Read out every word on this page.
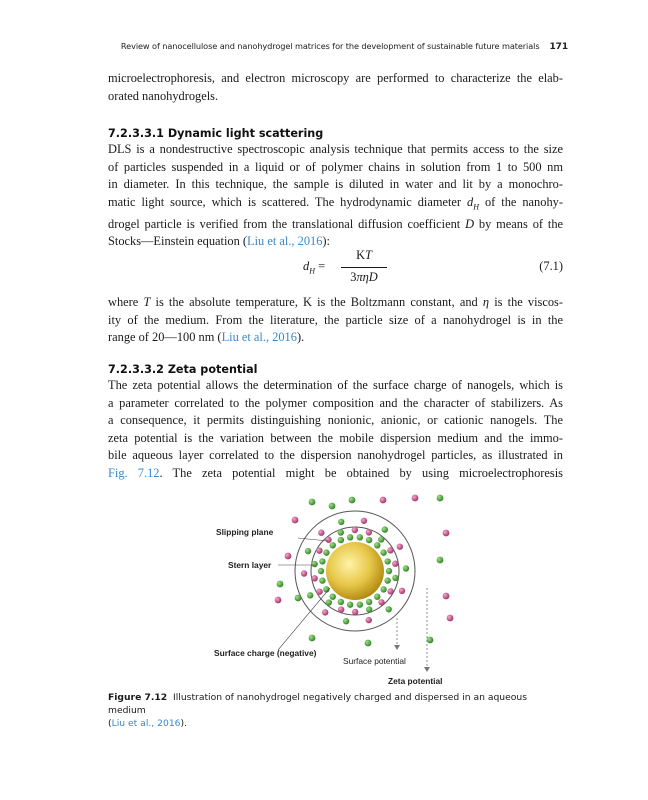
Review of nanocellulose and nanohydrogel matrices for the development of sustainable future materials 171
microelectrophoresis, and electron microscopy are performed to characterize the elab-
orated nanohydrogels.
7.2.3.3.1 Dynamic light scattering
DLS is a nondestructive spectroscopic analysis technique that permits access to the size
of particles suspended in a liquid or of polymer chains in solution from 1 to 500 nm
in diameter. In this technique, the sample is diluted in water and lit by a monochro-
matic light source, which is scattered. The hydrodynamic diameter $d_H$ of the nanohy-
drogel particle is verified from the translational diffusion coefficient D by means of the
Stocks—Einstein equation (Liu et al., 2016):
$d_H$ =
KT
3πηD
(7.1)
where T is the absolute temperature, K is the Boltzmann constant, and η is the viscos-
ity of the medium. From the literature, the particle size of a nanohydrogel is in the
range of 20—100 nm (Liu et al., 2016).
7.2.3.3.2 Zeta potential
The zeta potential allows the determination of the surface charge of nanogels, which is
a parameter correlated to the polymer composition and the character of stabilizers. As
a consequence, it permits distinguishing nonionic, anionic, or cationic nanogels. The
zeta potential is the variation between the mobile dispersion medium and the immo-
bile aqueous layer correlated to the dispersion nanohydrogel particles, as illustrated in
Fig. 7.12. The zeta potential might be obtained by using microelectrophoresis
Slipping plane
Stern layer
Surface charge (negative)
Surface potential
Zeta potential
Figure 7.12 Illustration of nanohydrogel negatively charged and dispersed in an aqueous medium
(Liu et al., 2016).
